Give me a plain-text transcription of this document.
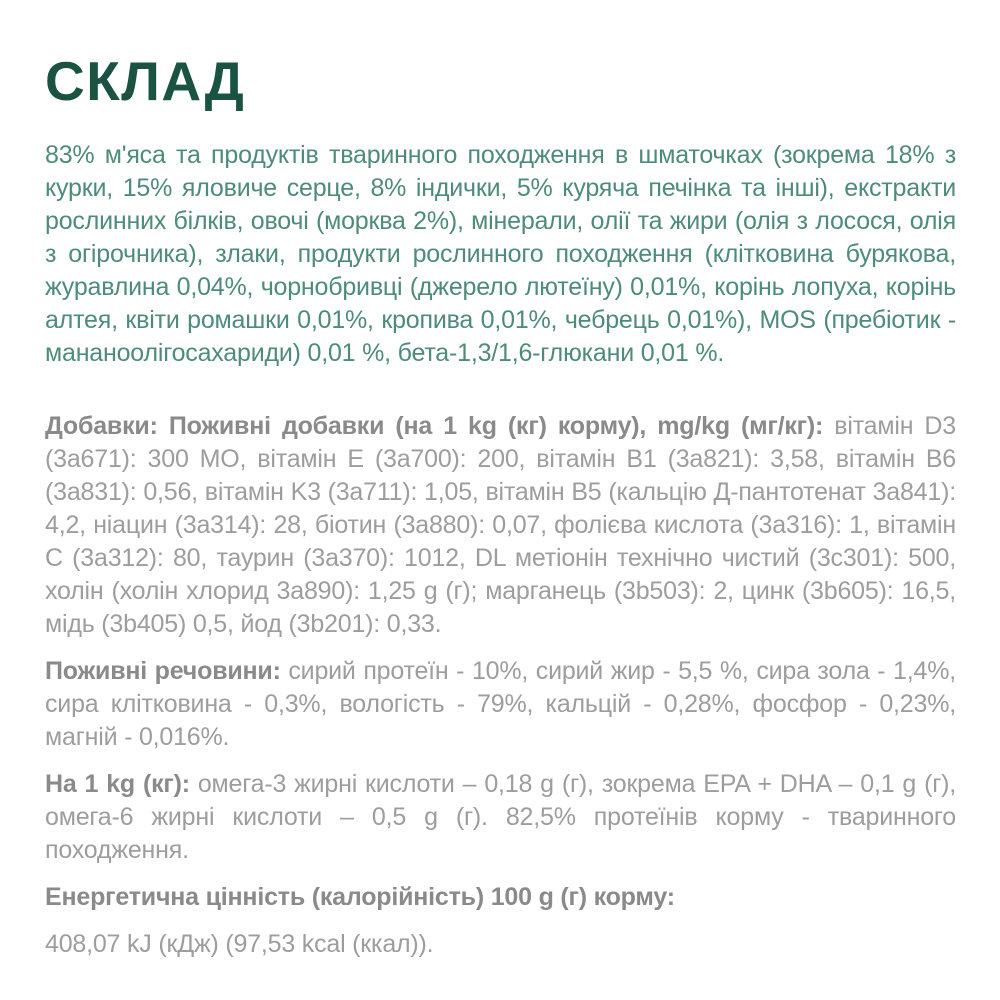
СКЛАД

83% м'яса та продуктів тваринного походження в шматочках (зокрема 18% з курки, 15% яловиче серце, 8% індички, 5% куряча печінка та інші), екстракти рослинних білків, овочі (морква 2%), мінерали, олії та жири (олія з лосося, олія з огірочника), злаки, продукти рослинного походження (клітковина бурякова, журавлина 0,04%, чорнобривці (джерело лютеїну) 0,01%, корінь лопуха, корінь алтея, квіти ромашки 0,01%, кропива 0,01%, чебрець 0,01%), MOS (пребіотик - мананоолігосахариди) 0,01 %, бета-1,3/1,6-глюкани 0,01 %.

Добавки: Поживні добавки (на 1 kg (кг) корму), mg/kg (мг/кг): вітамін D3 (3a671): 300 МО, вітамін E (3a700): 200, вітамін B1 (3a821): 3,58, вітамін B6 (3a831): 0,56, вітамін K3 (3a711): 1,05, вітамін B5 (кальцію Д-пантотенат 3a841): 4,2, ніацин (3a314): 28, біотин (3a880): 0,07, фолієва кислота (3a316): 1, вітамін C (3a312): 80, таурин (3a370): 1012, DL метіонін технічно чистий (3c301): 500, холін (холін хлорид 3a890): 1,25 g (г); марганець (3b503): 2, цинк (3b605): 16,5, мідь (3b405) 0,5, йод (3b201): 0,33.

Поживні речовини: сирий протеїн - 10%, сирий жир - 5,5 %, сира зола - 1,4%, сира клітковина - 0,3%, вологість - 79%, кальцій - 0,28%, фосфор - 0,23%, магній - 0,016%.

На 1 kg (кг): омега-3 жирні кислоти – 0,18 g (г), зокрема EPA + DHA – 0,1 g (г), омега-6 жирні кислоти – 0,5 g (г). 82,5% протеїнів корму - тваринного походження.

Енергетична цінність (калорійність) 100 g (г) корму:

408,07 kJ (кДж) (97,53 kcal (ккал)).
